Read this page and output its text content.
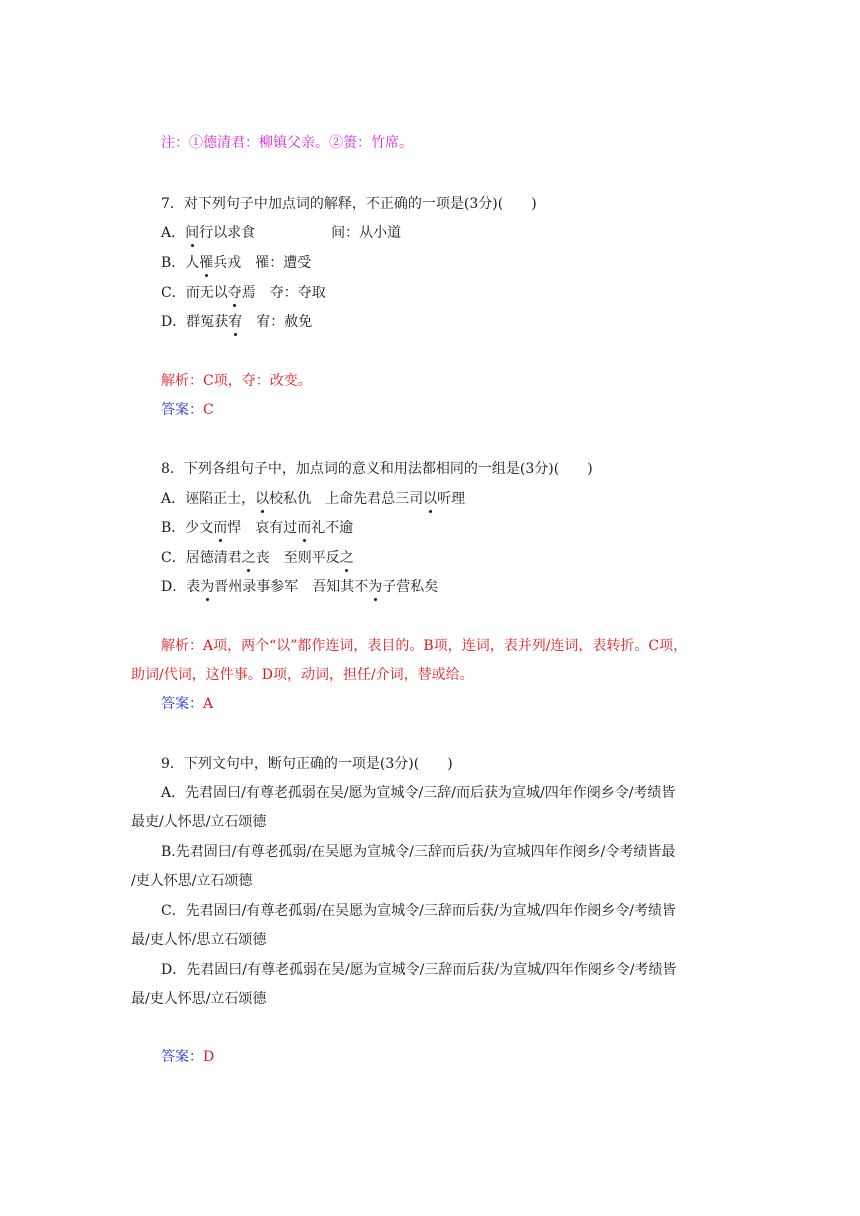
注：①德清君：柳镇父亲。②箦：竹席。
7．对下列句子中加点词的解释，不正确的一项是(3分)(　　)
A．间行以求食	间：从小道
B．人罹兵戎 罹：遭受
C．而无以夺焉 夺：夺取
D．群冤获宥 宥：赦免
解析：C项，夺：改变。
答案：C
8．下列各组句子中，加点词的意义和用法都相同的一组是(3分)(　　)
A．诬陷正士，以校私仇　上命先君总三司以听理
B．少文而悍　哀有过而礼不逾
C．居德清君之丧　至则平反之
D．表为晋州录事参军　吾知其不为子营私矣
解析：A项，两个“以”都作连词，表目的。B项，连词，表并列/连词，表转折。C项，
助词/代词，这件事。D项，动词，担任/介词，替或给。
答案：A
9．下列文句中，断句正确的一项是(3分)(　　)
A．先君固曰/有尊老孤弱在吴/愿为宣城令/三辞/而后获为宣城/四年作阌乡令/考绩皆
最吏/人怀思/立石颂德
B.先君固曰/有尊老孤弱/在吴愿为宣城令/三辞而后获/为宣城四年作阌乡/令考绩皆最
/吏人怀思/立石颂德
C．先君固曰/有尊老孤弱/在吴愿为宣城令/三辞而后获/为宣城/四年作阌乡令/考绩皆
最/吏人怀/思立石颂德
D．先君固曰/有尊老孤弱在吴/愿为宣城令/三辞而后获/为宣城/四年作阌乡令/考绩皆
最/吏人怀思/立石颂德
答案：D
